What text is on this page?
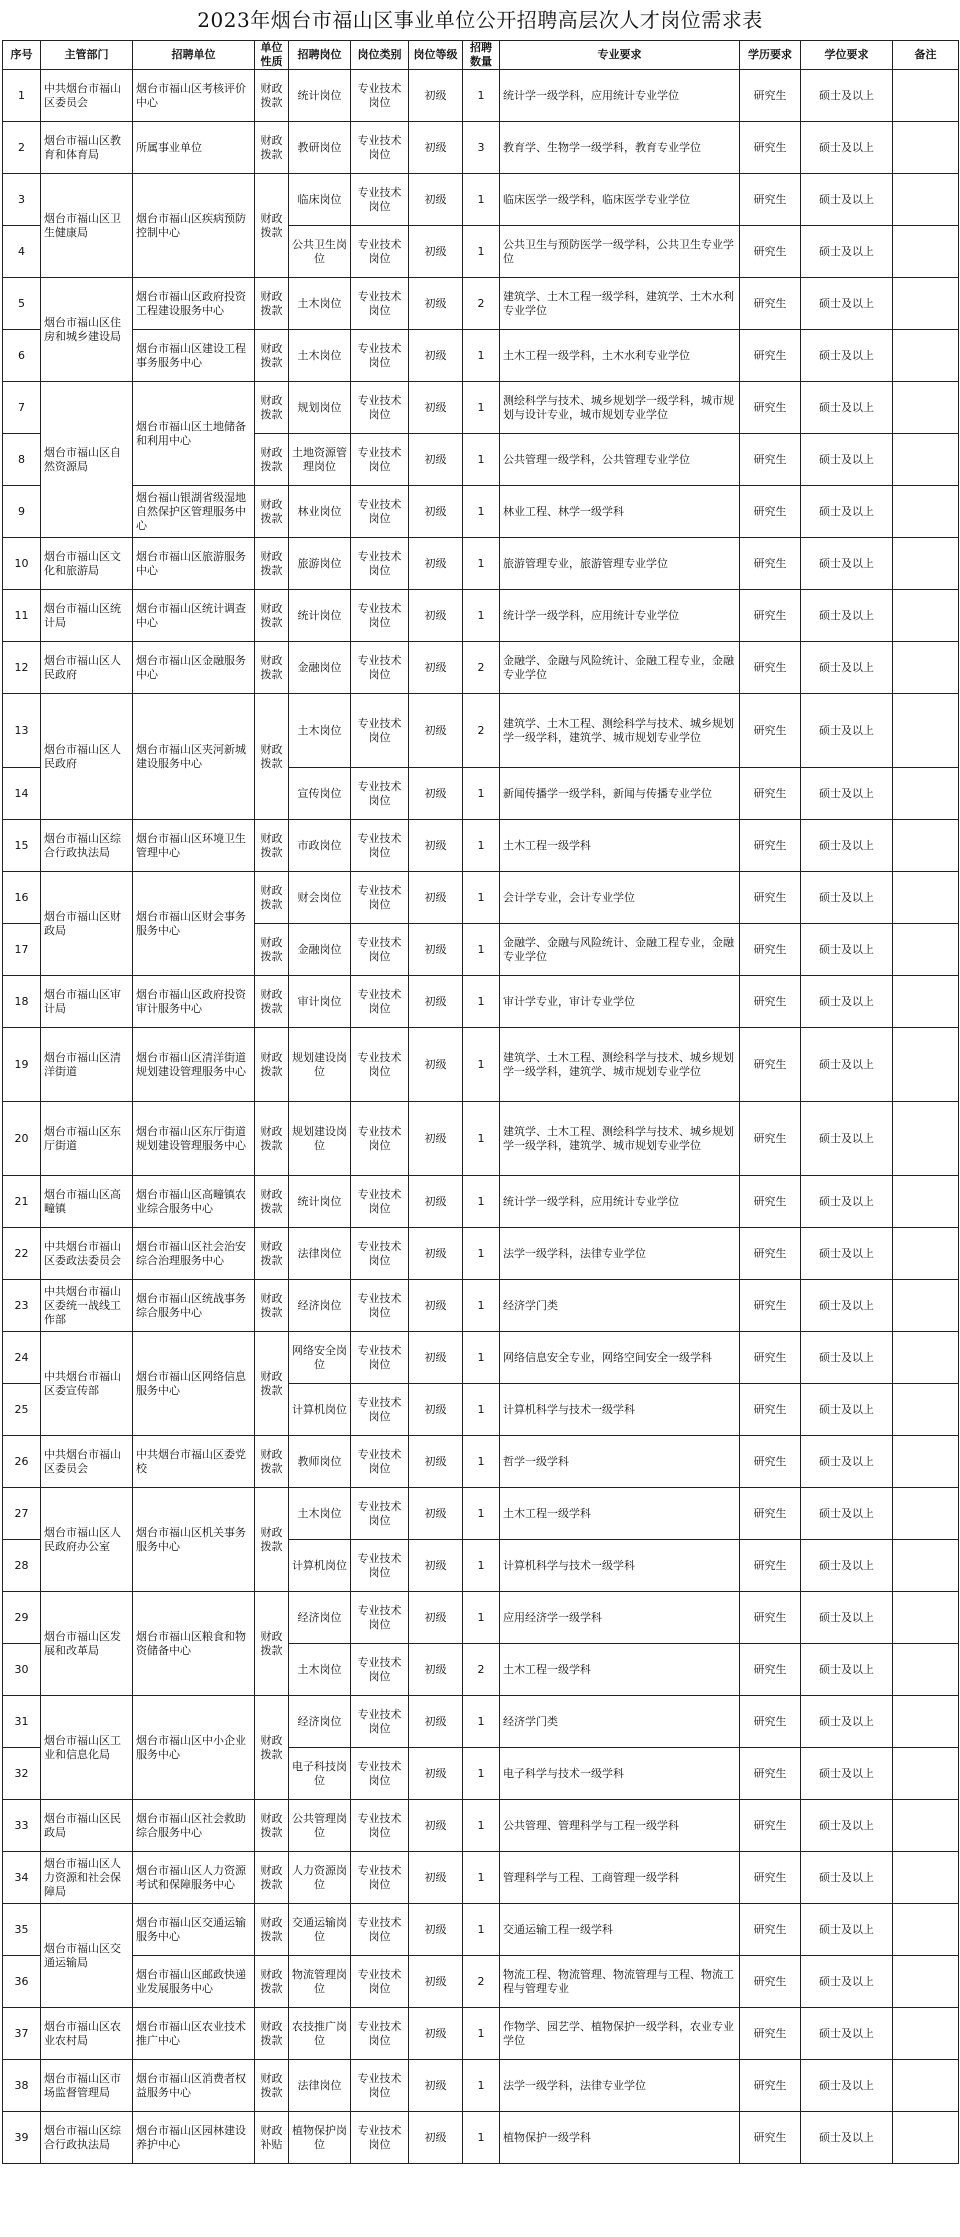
2023年烟台市福山区事业单位公开招聘高层次人才岗位需求表
序号	主管部门	招聘单位	单位性质	招聘岗位	岗位类别	岗位等级	招聘数量	专业要求	学历要求	学位要求	备注
1	中共烟台市福山区委员会	烟台市福山区考核评价中心	财政拨款	统计岗位	专业技术岗位	初级	1	统计学一级学科，应用统计专业学位	研究生	硕士及以上	
2	烟台市福山区教育和体育局	所属事业单位	财政拨款	教研岗位	专业技术岗位	初级	3	教育学、生物学一级学科，教育专业学位	研究生	硕士及以上	
3	烟台市福山区卫生健康局	烟台市福山区疾病预防控制中心	财政拨款	临床岗位	专业技术岗位	初级	1	临床医学一级学科，临床医学专业学位	研究生	硕士及以上	
4				公共卫生岗位	专业技术岗位	初级	1	公共卫生与预防医学一级学科，公共卫生专业学位	研究生	硕士及以上	
5	烟台市福山区住房和城乡建设局	烟台市福山区政府投资工程建设服务中心	财政拨款	土木岗位	专业技术岗位	初级	2	建筑学、土木工程一级学科，建筑学、土木水利专业学位	研究生	硕士及以上	
6		烟台市福山区建设工程事务服务中心	财政拨款	土木岗位	专业技术岗位	初级	1	土木工程一级学科，土木水利专业学位	研究生	硕士及以上	
7	烟台市福山区自然资源局	烟台市福山区土地储备和利用中心	财政拨款	规划岗位	专业技术岗位	初级	1	测绘科学与技术、城乡规划学一级学科，城市规划与设计专业，城市规划专业学位	研究生	硕士及以上	
8			财政拨款	土地资源管理岗位	专业技术岗位	初级	1	公共管理一级学科，公共管理专业学位	研究生	硕士及以上	
9		烟台福山银湖省级湿地自然保护区管理服务中心	财政拨款	林业岗位	专业技术岗位	初级	1	林业工程、林学一级学科	研究生	硕士及以上	
10	烟台市福山区文化和旅游局	烟台市福山区旅游服务中心	财政拨款	旅游岗位	专业技术岗位	初级	1	旅游管理专业，旅游管理专业学位	研究生	硕士及以上	
11	烟台市福山区统计局	烟台市福山区统计调查中心	财政拨款	统计岗位	专业技术岗位	初级	1	统计学一级学科，应用统计专业学位	研究生	硕士及以上	
12	烟台市福山区人民政府	烟台市福山区金融服务中心	财政拨款	金融岗位	专业技术岗位	初级	2	金融学、金融与风险统计、金融工程专业，金融专业学位	研究生	硕士及以上	
13	烟台市福山区人民政府	烟台市福山区夹河新城建设服务中心	财政拨款	土木岗位	专业技术岗位	初级	2	建筑学、土木工程、测绘科学与技术、城乡规划学一级学科，建筑学、城市规划专业学位	研究生	硕士及以上	
14				宣传岗位	专业技术岗位	初级	1	新闻传播学一级学科，新闻与传播专业学位	研究生	硕士及以上	
15	烟台市福山区综合行政执法局	烟台市福山区环境卫生管理中心	财政拨款	市政岗位	专业技术岗位	初级	1	土木工程一级学科	研究生	硕士及以上	
16	烟台市福山区财政局	烟台市福山区财会事务服务中心	财政拨款	财会岗位	专业技术岗位	初级	1	会计学专业，会计专业学位	研究生	硕士及以上	
17			财政拨款	金融岗位	专业技术岗位	初级	1	金融学、金融与风险统计、金融工程专业，金融专业学位	研究生	硕士及以上	
18	烟台市福山区审计局	烟台市福山区政府投资审计服务中心	财政拨款	审计岗位	专业技术岗位	初级	1	审计学专业，审计专业学位	研究生	硕士及以上	
19	烟台市福山区清洋街道	烟台市福山区清洋街道规划建设管理服务中心	财政拨款	规划建设岗位	专业技术岗位	初级	1	建筑学、土木工程、测绘科学与技术、城乡规划学一级学科，建筑学、城市规划专业学位	研究生	硕士及以上	
20	烟台市福山区东厅街道	烟台市福山区东厅街道规划建设管理服务中心	财政拨款	规划建设岗位	专业技术岗位	初级	1	建筑学、土木工程、测绘科学与技术、城乡规划学一级学科，建筑学、城市规划专业学位	研究生	硕士及以上	
21	烟台市福山区高疃镇	烟台市福山区高疃镇农业综合服务中心	财政拨款	统计岗位	专业技术岗位	初级	1	统计学一级学科，应用统计专业学位	研究生	硕士及以上	
22	中共烟台市福山区委政法委员会	烟台市福山区社会治安综合治理服务中心	财政拨款	法律岗位	专业技术岗位	初级	1	法学一级学科，法律专业学位	研究生	硕士及以上	
23	中共烟台市福山区委统一战线工作部	烟台市福山区统战事务综合服务中心	财政拨款	经济岗位	专业技术岗位	初级	1	经济学门类	研究生	硕士及以上	
24	中共烟台市福山区委宣传部	烟台市福山区网络信息服务中心	财政拨款	网络安全岗位	专业技术岗位	初级	1	网络信息安全专业，网络空间安全一级学科	研究生	硕士及以上	
25				计算机岗位	专业技术岗位	初级	1	计算机科学与技术一级学科	研究生	硕士及以上	
26	中共烟台市福山区委员会	中共烟台市福山区委党校	财政拨款	教师岗位	专业技术岗位	初级	1	哲学一级学科	研究生	硕士及以上	
27	烟台市福山区人民政府办公室	烟台市福山区机关事务服务中心	财政拨款	土木岗位	专业技术岗位	初级	1	土木工程一级学科	研究生	硕士及以上	
28				计算机岗位	专业技术岗位	初级	1	计算机科学与技术一级学科	研究生	硕士及以上	
29	烟台市福山区发展和改革局	烟台市福山区粮食和物资储备中心	财政拨款	经济岗位	专业技术岗位	初级	1	应用经济学一级学科	研究生	硕士及以上	
30				土木岗位	专业技术岗位	初级	2	土木工程一级学科	研究生	硕士及以上	
31	烟台市福山区工业和信息化局	烟台市福山区中小企业服务中心	财政拨款	经济岗位	专业技术岗位	初级	1	经济学门类	研究生	硕士及以上	
32				电子科技岗位	专业技术岗位	初级	1	电子科学与技术一级学科	研究生	硕士及以上	
33	烟台市福山区民政局	烟台市福山区社会救助综合服务中心	财政拨款	公共管理岗位	专业技术岗位	初级	1	公共管理、管理科学与工程一级学科	研究生	硕士及以上	
34	烟台市福山区人力资源和社会保障局	烟台市福山区人力资源考试和保障服务中心	财政拨款	人力资源岗位	专业技术岗位	初级	1	管理科学与工程、工商管理一级学科	研究生	硕士及以上	
35	烟台市福山区交通运输局	烟台市福山区交通运输服务中心	财政拨款	交通运输岗位	专业技术岗位	初级	1	交通运输工程一级学科	研究生	硕士及以上	
36		烟台市福山区邮政快递业发展服务中心	财政拨款	物流管理岗位	专业技术岗位	初级	2	物流工程、物流管理、物流管理与工程、物流工程与管理专业	研究生	硕士及以上	
37	烟台市福山区农业农村局	烟台市福山区农业技术推广中心	财政拨款	农技推广岗位	专业技术岗位	初级	1	作物学、园艺学、植物保护一级学科，农业专业学位	研究生	硕士及以上	
38	烟台市福山区市场监督管理局	烟台市福山区消费者权益服务中心	财政拨款	法律岗位	专业技术岗位	初级	1	法学一级学科，法律专业学位	研究生	硕士及以上	
39	烟台市福山区综合行政执法局	烟台市福山区园林建设养护中心	财政补贴	植物保护岗位	专业技术岗位	初级	1	植物保护一级学科	研究生	硕士及以上	
